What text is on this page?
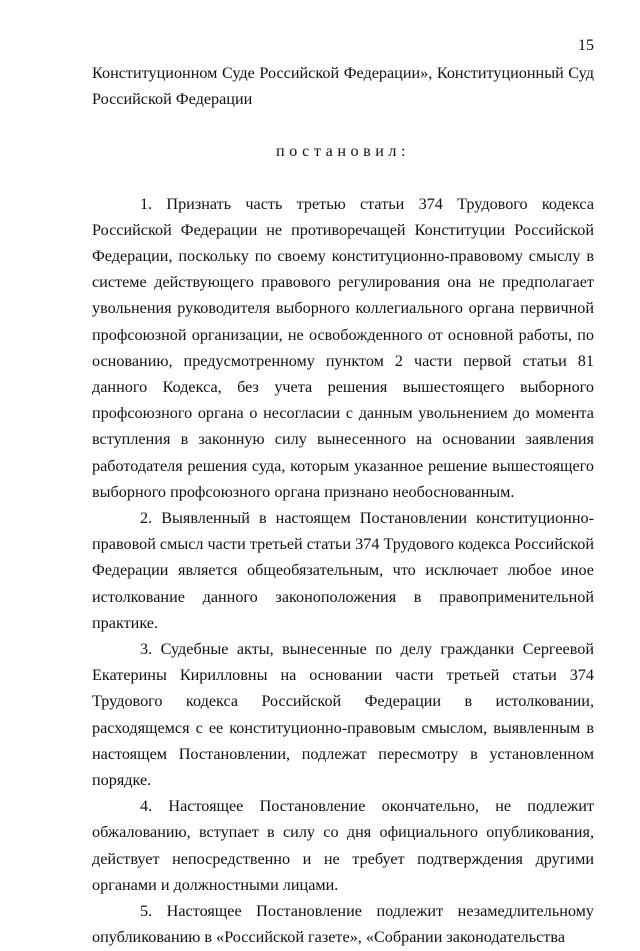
15

Конституционном Суде Российской Федерации», Конституционный Суд Российской Федерации

постановил:

1. Признать часть третью статьи 374 Трудового кодекса Российской Федерации не противоречащей Конституции Российской Федерации, поскольку по своему конституционно-правовому смыслу в системе действующего правового регулирования она не предполагает увольнения руководителя выборного коллегиального органа первичной профсоюзной организации, не освобожденного от основной работы, по основанию, предусмотренному пунктом 2 части первой статьи 81 данного Кодекса, без учета решения вышестоящего выборного профсоюзного органа о несогласии с данным увольнением до момента вступления в законную силу вынесенного на основании заявления работодателя решения суда, которым указанное решение вышестоящего выборного профсоюзного органа признано необоснованным.

2. Выявленный в настоящем Постановлении конституционно-правовой смысл части третьей статьи 374 Трудового кодекса Российской Федерации является общеобязательным, что исключает любое иное истолкование данного законоположения в правоприменительной практике.

3. Судебные акты, вынесенные по делу гражданки Сергеевой Екатерины Кирилловны на основании части третьей статьи 374 Трудового кодекса Российской Федерации в истолковании, расходящемся с ее конституционно-правовым смыслом, выявленным в настоящем Постановлении, подлежат пересмотру в установленном порядке.

4. Настоящее Постановление окончательно, не подлежит обжалованию, вступает в силу со дня официального опубликования, действует непосредственно и не требует подтверждения другими органами и должностными лицами.

5. Настоящее Постановление подлежит незамедлительному опубликованию в «Российской газете», «Собрании законодательства
